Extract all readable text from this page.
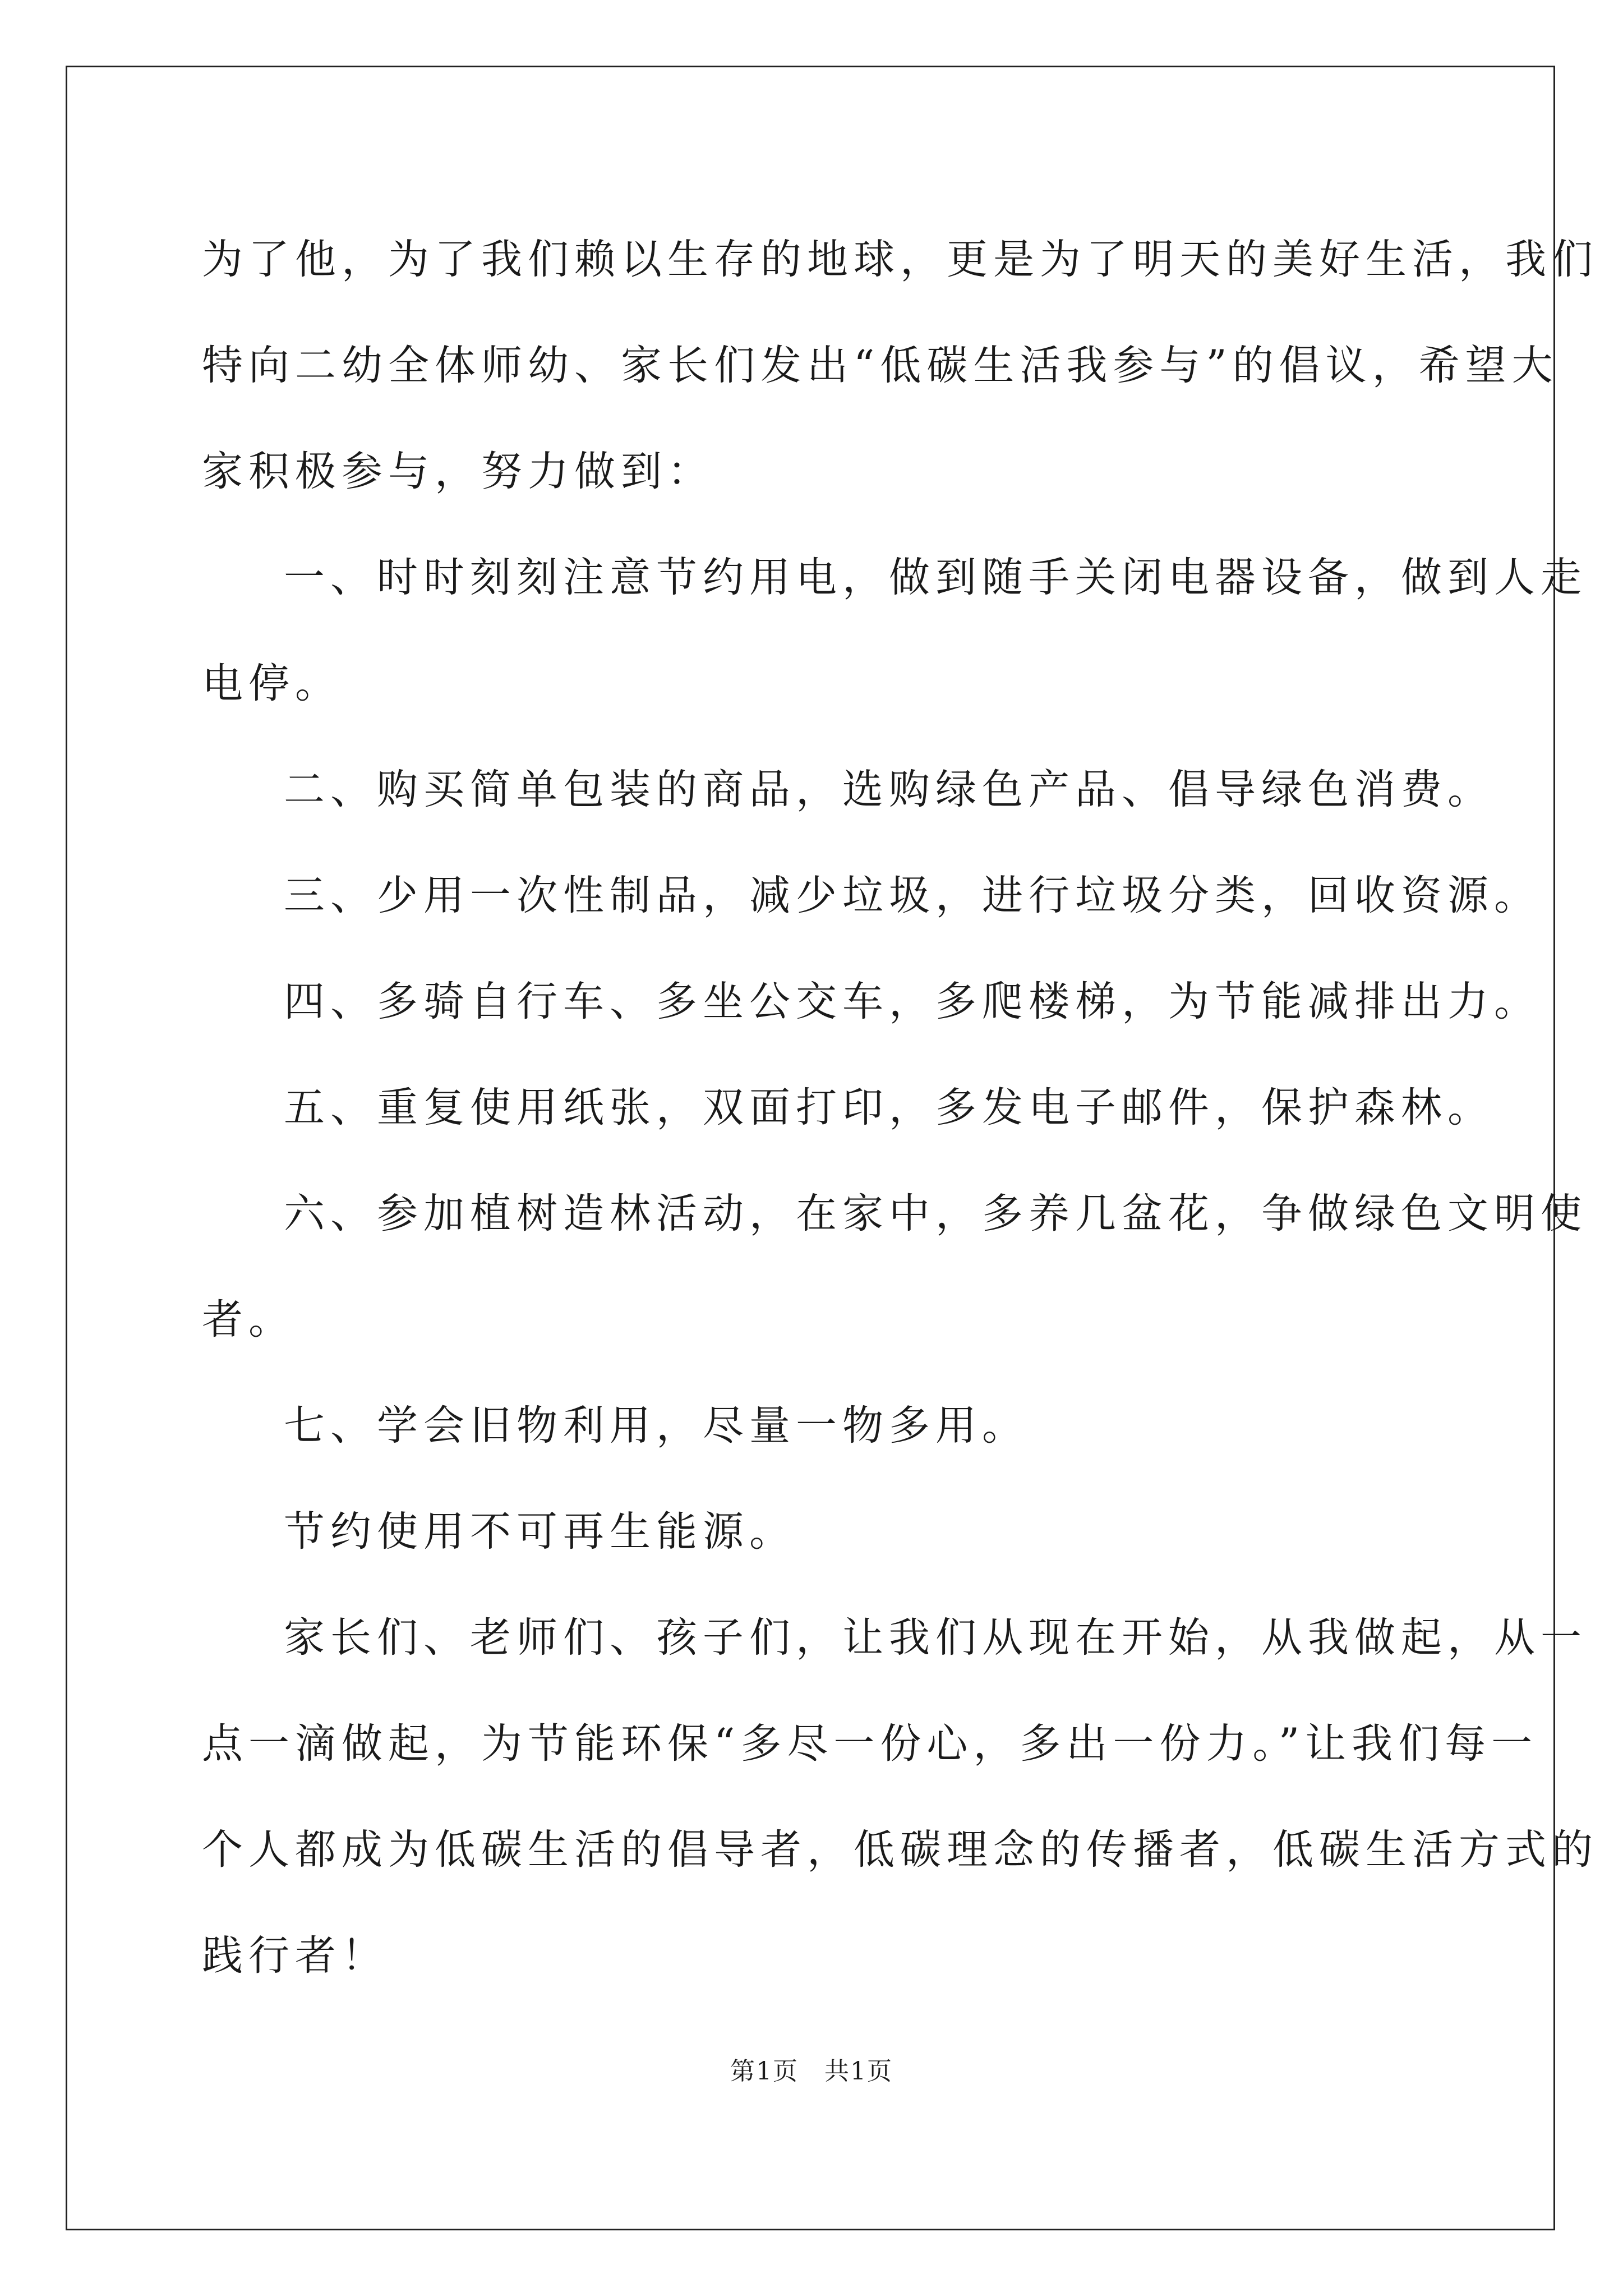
为了他，为了我们赖以生存的地球，更是为了明天的美好生活，我们
特向二幼全体师幼、家长们发出“低碳生活我参与”的倡议，希望大
家积极参与，努力做到：
一、时时刻刻注意节约用电，做到随手关闭电器设备，做到人走
电停。
二、购买简单包装的商品，选购绿色产品、倡导绿色消费。
三、少用一次性制品，减少垃圾，进行垃圾分类，回收资源。
四、多骑自行车、多坐公交车，多爬楼梯，为节能减排出力。
五、重复使用纸张，双面打印，多发电子邮件，保护森林。
六、参加植树造林活动，在家中，多养几盆花，争做绿色文明使
者。
七、学会旧物利用，尽量一物多用。
节约使用不可再生能源。
家长们、老师们、孩子们，让我们从现在开始，从我做起，从一
点一滴做起，为节能环保“多尽一份心，多出一份力。”让我们每一
个人都成为低碳生活的倡导者，低碳理念的传播者，低碳生活方式的
践行者！
第1页 共1页
